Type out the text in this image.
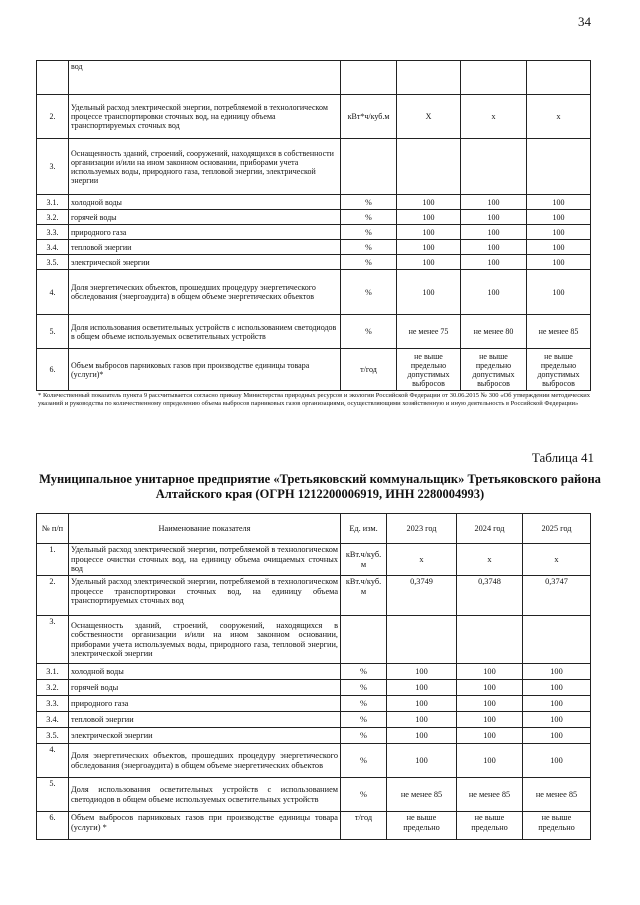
34
	вод				
2.	Удельный расход электрической энергии, потребляемой в технологическом процессе транспортировки сточных вод, на единицу объема транспортируемых сточных вод	кВт*ч/куб.м	Х	х	х
3.	Оснащенность зданий, строений, сооружений, находящихся в собственности организации и/или на ином законном основании, приборами учета используемых воды, природного газа, тепловой энергии, электрической энергии				
3.1.	холодной воды	%	100	100	100
3.2.	горячей воды	%	100	100	100
3.3.	природного газа	%	100	100	100
3.4.	тепловой энергии	%	100	100	100
3.5.	электрической энергии	%	100	100	100
4.	Доля энергетических объектов, прошедших процедуру энергетического обследования (энергоаудита) в общем объеме энергетических объектов	%	100	100	100
5.	Доля использования осветительных устройств с использованием светодиодов в общем объеме используемых осветительных устройств	%	не менее 75	не менее 80	не менее 85
6.	Объем выбросов парниковых газов при производстве единицы товара (услуги)*	т/год	не выше предельно допустимых выбросов	не выше предельно допустимых выбросов	не выше предельно допустимых выбросов
* Количественный показатель пункта 9 рассчитывается согласно приказу Министерства природных ресурсов и экологии Российской Федерации от 30.06.2015 № 300 «Об утверждении методических указаний и руководства по количественному определению объема выбросов парниковых газов организациями, осуществляющими хозяйственную и иную деятельность в Российской Федерации»
Таблица 41
Муниципальное унитарное предприятие «Третьяковский коммунальщик» Третьяковского района Алтайского края (ОГРН 1212200006919, ИНН 2280004993)
№ п/п	Наименование показателя	Ед. изм.	2023 год	2024 год	2025 год
1.	Удельный расход электрической энергии, потребляемой в технологическом процессе очистки сточных вод, на единицу объема очищаемых сточных вод	кВт.ч/куб. м	х	х	х
2.	Удельный расход электрической энергии, потребляемой в технологическом процессе транспортировки сточных вод, на единицу объема транспортируемых сточных вод	кВт.ч/куб. м	0,3749	0,3748	0,3747
3.	Оснащенность зданий, строений, сооружений, находящихся в собственности организации и/или на ином законном основании, приборами учета используемых воды, природного газа, тепловой энергии, электрической энергии				
3.1.	холодной воды	%	100	100	100
3.2.	горячей воды	%	100	100	100
3.3.	природного газа	%	100	100	100
3.4.	тепловой энергии	%	100	100	100
3.5.	электрической энергии	%	100	100	100
4.	Доля энергетических объектов, прошедших процедуру энергетического обследования (энергоаудита) в общем объеме энергетических объектов	%	100	100	100
5.	Доля использования осветительных устройств с использованием светодиодов в общем объеме используемых осветительных устройств	%	не менее 85	не менее 85	не менее 85
6.	Объем выбросов парниковых газов при производстве единицы товара (услуги) *	т/год	не выше предельно	не выше предельно	не выше предельно
